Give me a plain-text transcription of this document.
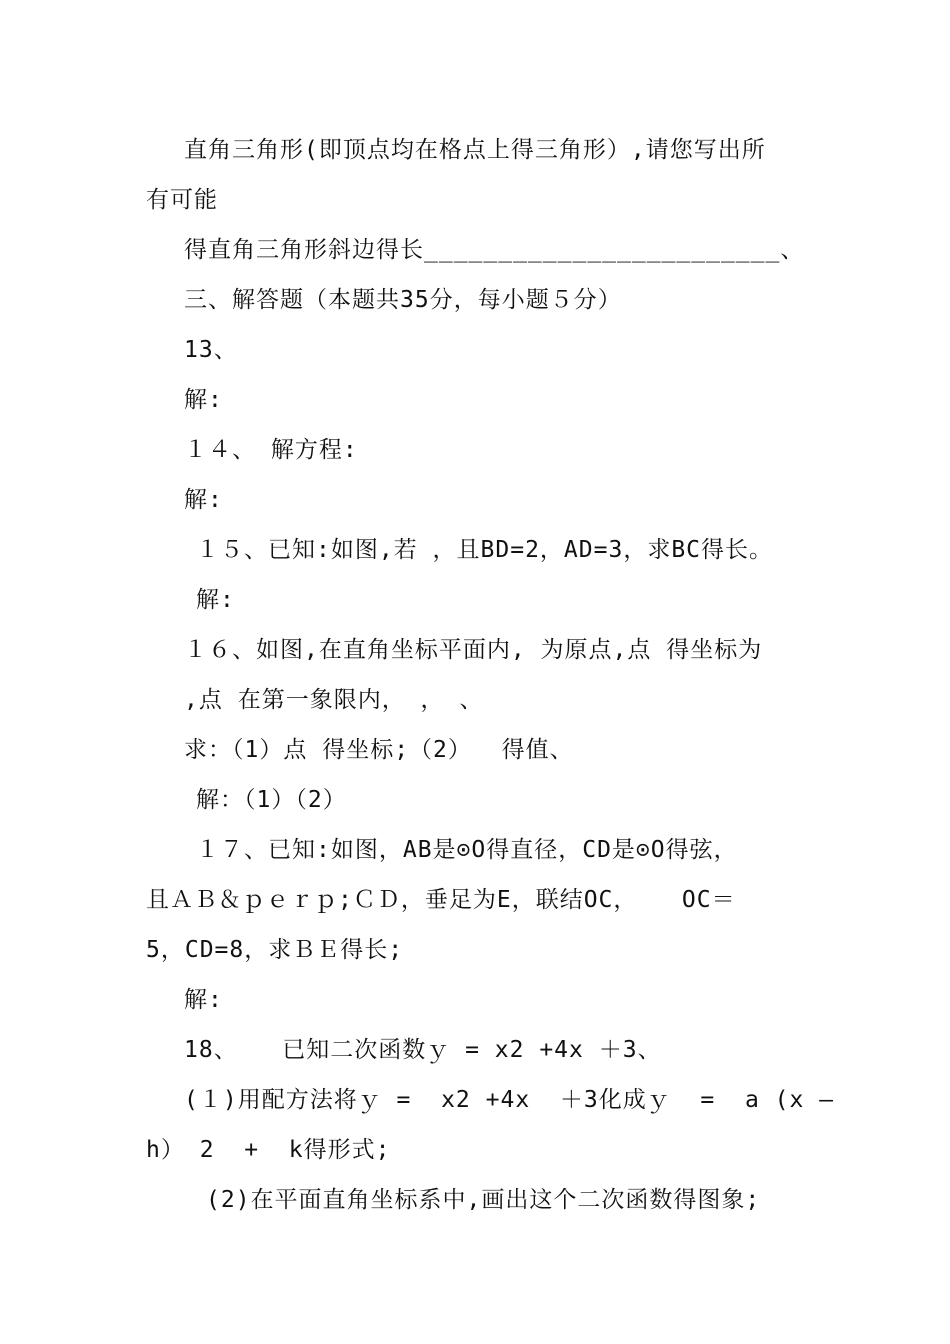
直角三角形(即顶点均在格点上得三角形）,请您写出所
有可能
得直角三角形斜边得长________________________、
三、解答题（本题共35分，每小题５分）
13、
解:
１４、 解方程:
解:
１５、已知:如图,若 ，且BD=2，AD=3，求BC得长。
解:
１６、如图,在直角坐标平面内, 为原点,点 得坐标为
,点 在第一象限内， ， 、
求：（1）点 得坐标;（2）  得值、
解：（1）（2）
１７、已知:如图，AB是⊙O得直径，CD是⊙O得弦，
且ＡＢ＆ｐｅｒｐ;ＣＤ，垂足为E，联结OC，   OC＝
5，CD=8，求ＢＥ得长;
解:
18、   已知二次函数ｙ = x2 +4x ＋3、
(１)用配方法将ｙ =  x2 +4x  ＋3化成ｙ  =  a (x –
h） 2  +  k得形式;
(2)在平面直角坐标系中,画出这个二次函数得图象;
